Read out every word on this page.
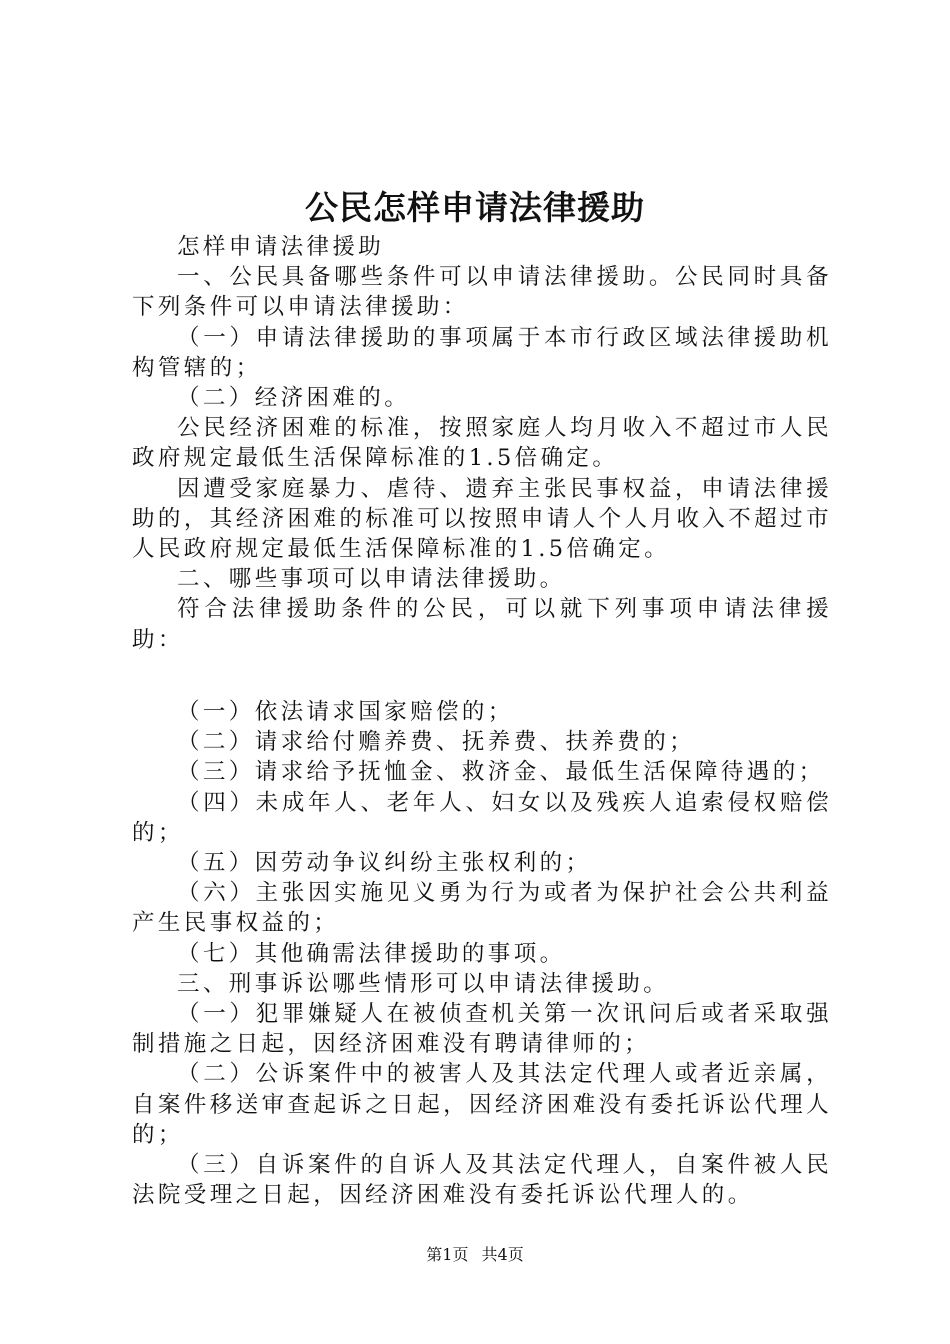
公民怎样申请法律援助

怎样申请法律援助

一、公民具备哪些条件可以申请法律援助。公民同时具备下列条件可以申请法律援助：

（一）申请法律援助的事项属于本市行政区域法律援助机构管辖的；

（二）经济困难的。

公民经济困难的标准，按照家庭人均月收入不超过市人民政府规定最低生活保障标准的1.5倍确定。

因遭受家庭暴力、虐待、遗弃主张民事权益，申请法律援助的，其经济困难的标准可以按照申请人个人月收入不超过市人民政府规定最低生活保障标准的1.5倍确定。

二、哪些事项可以申请法律援助。

符合法律援助条件的公民，可以就下列事项申请法律援助：

（一）依法请求国家赔偿的；

（二）请求给付赡养费、抚养费、扶养费的；

（三）请求给予抚恤金、救济金、最低生活保障待遇的；

（四）未成年人、老年人、妇女以及残疾人追索侵权赔偿的；

（五）因劳动争议纠纷主张权利的；

（六）主张因实施见义勇为行为或者为保护社会公共利益产生民事权益的；

（七）其他确需法律援助的事项。

三、刑事诉讼哪些情形可以申请法律援助。

（一）犯罪嫌疑人在被侦查机关第一次讯问后或者采取强制措施之日起，因经济困难没有聘请律师的；

（二）公诉案件中的被害人及其法定代理人或者近亲属，自案件移送审查起诉之日起，因经济困难没有委托诉讼代理人的；

（三）自诉案件的自诉人及其法定代理人，自案件被人民法院受理之日起，因经济困难没有委托诉讼代理人的。

第1页 共4页
